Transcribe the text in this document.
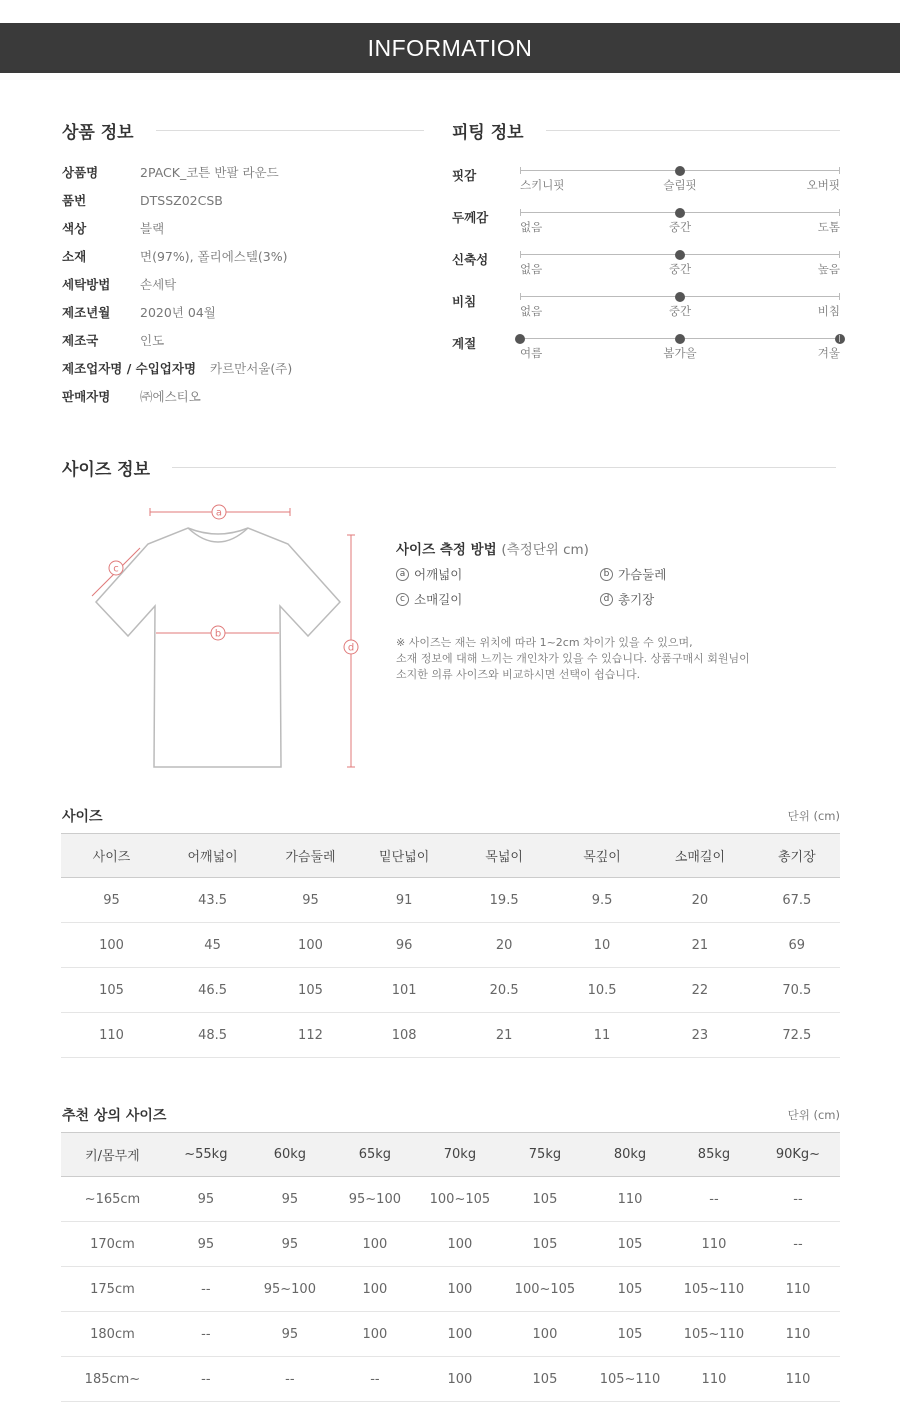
INFORMATION
상품 정보
상품명	2PACK_코튼 반팔 라운드
품번	DTSSZ02CSB
색상	블랙
소재	면(97%), 폴리에스텔(3%)
세탁방법	손세탁
제조년월	2020년 04월
제조국	인도
제조업자명 / 수입업자명 카르만서울(주)
판매자명	㈜에스티오
피팅 정보
핏감
스키니핏	슬림핏	오버핏
두께감
없음	중간	도톰
신축성
없음	중간	높음
비침
없음	중간	비침
계절
여름	봄가을	겨울
사이즈 정보
a
c
b
d
사이즈 측정 방법 (측정단위 cm)
a 어깨넓이	b 가슴둘레
c 소매길이	d 총기장
※ 사이즈는 재는 위치에 따라 1~2cm 차이가 있을 수 있으며,
소재 정보에 대해 느끼는 개인차가 있을 수 있습니다. 상품구매시 회원님이
소지한 의류 사이즈와 비교하시면 선택이 쉽습니다.
사이즈	단위 (cm)
사이즈	어깨넓이	가슴둘레	밑단넓이	목넓이	목깊이	소매길이	총기장
95	43.5	95	91	19.5	9.5	20	67.5
100	45	100	96	20	10	21	69
105	46.5	105	101	20.5	10.5	22	70.5
110	48.5	112	108	21	11	23	72.5
추천 상의 사이즈	단위 (cm)
키/몸무게	~55kg	60kg	65kg	70kg	75kg	80kg	85kg	90Kg~
~165cm	95	95	95~100	100~105	105	110	--	--
170cm	95	95	100	100	105	105	110	--
175cm	--	95~100	100	100	100~105	105	105~110	110
180cm	--	95	100	100	100	105	105~110	110
185cm~	--	--	--	100	105	105~110	110	110
